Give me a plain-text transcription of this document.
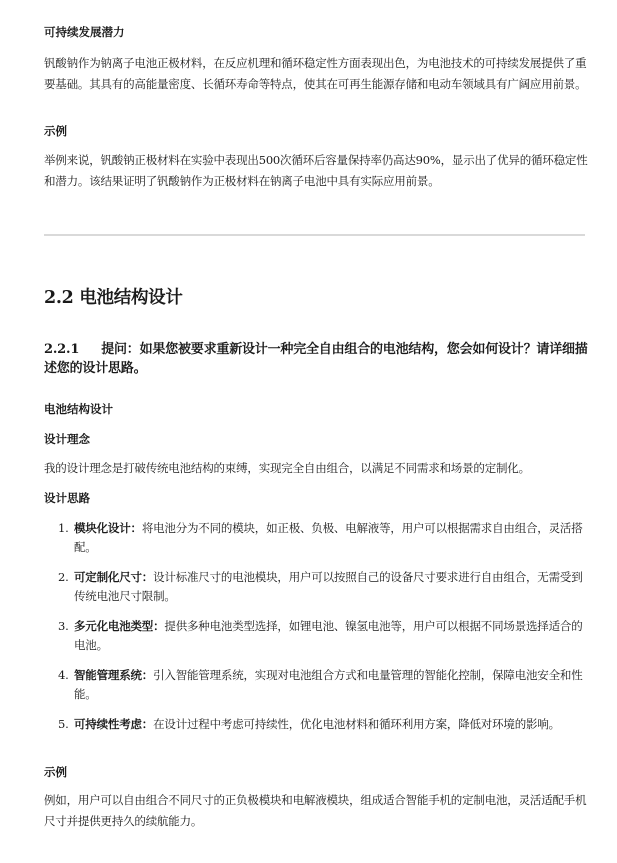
可持续发展潜力

钒酸钠作为钠离子电池正极材料，在反应机理和循环稳定性方面表现出色，为电池技术的可持续发展提供了重要基础。其具有的高能量密度、长循环寿命等特点，使其在可再生能源存储和电动车领域具有广阔应用前景。

示例

举例来说，钒酸钠正极材料在实验中表现出500次循环后容量保持率仍高达90%，显示出了优异的循环稳定性和潜力。该结果证明了钒酸钠作为正极材料在钠离子电池中具有实际应用前景。

2.2 电池结构设计
2.2.1 提问：如果您被要求重新设计一种完全自由组合的电池结构，您会如何设计？请详细描述您的设计思路。

电池结构设计

设计理念

我的设计理念是打破传统电池结构的束缚，实现完全自由组合，以满足不同需求和场景的定制化。

设计思路

1. 模块化设计：将电池分为不同的模块，如正极、负极、电解液等，用户可以根据需求自由组合，灵活搭配。
2. 可定制化尺寸：设计标准尺寸的电池模块，用户可以按照自己的设备尺寸要求进行自由组合，无需受到传统电池尺寸限制。
3. 多元化电池类型：提供多种电池类型选择，如锂电池、镍氢电池等，用户可以根据不同场景选择适合的电池。
4. 智能管理系统：引入智能管理系统，实现对电池组合方式和电量管理的智能化控制，保障电池安全和性能。
5. 可持续性考虑：在设计过程中考虑可持续性，优化电池材料和循环利用方案，降低对环境的影响。

示例

例如，用户可以自由组合不同尺寸的正负极模块和电解液模块，组成适合智能手机的定制电池，灵活适配手机尺寸并提供更持久的续航能力。
